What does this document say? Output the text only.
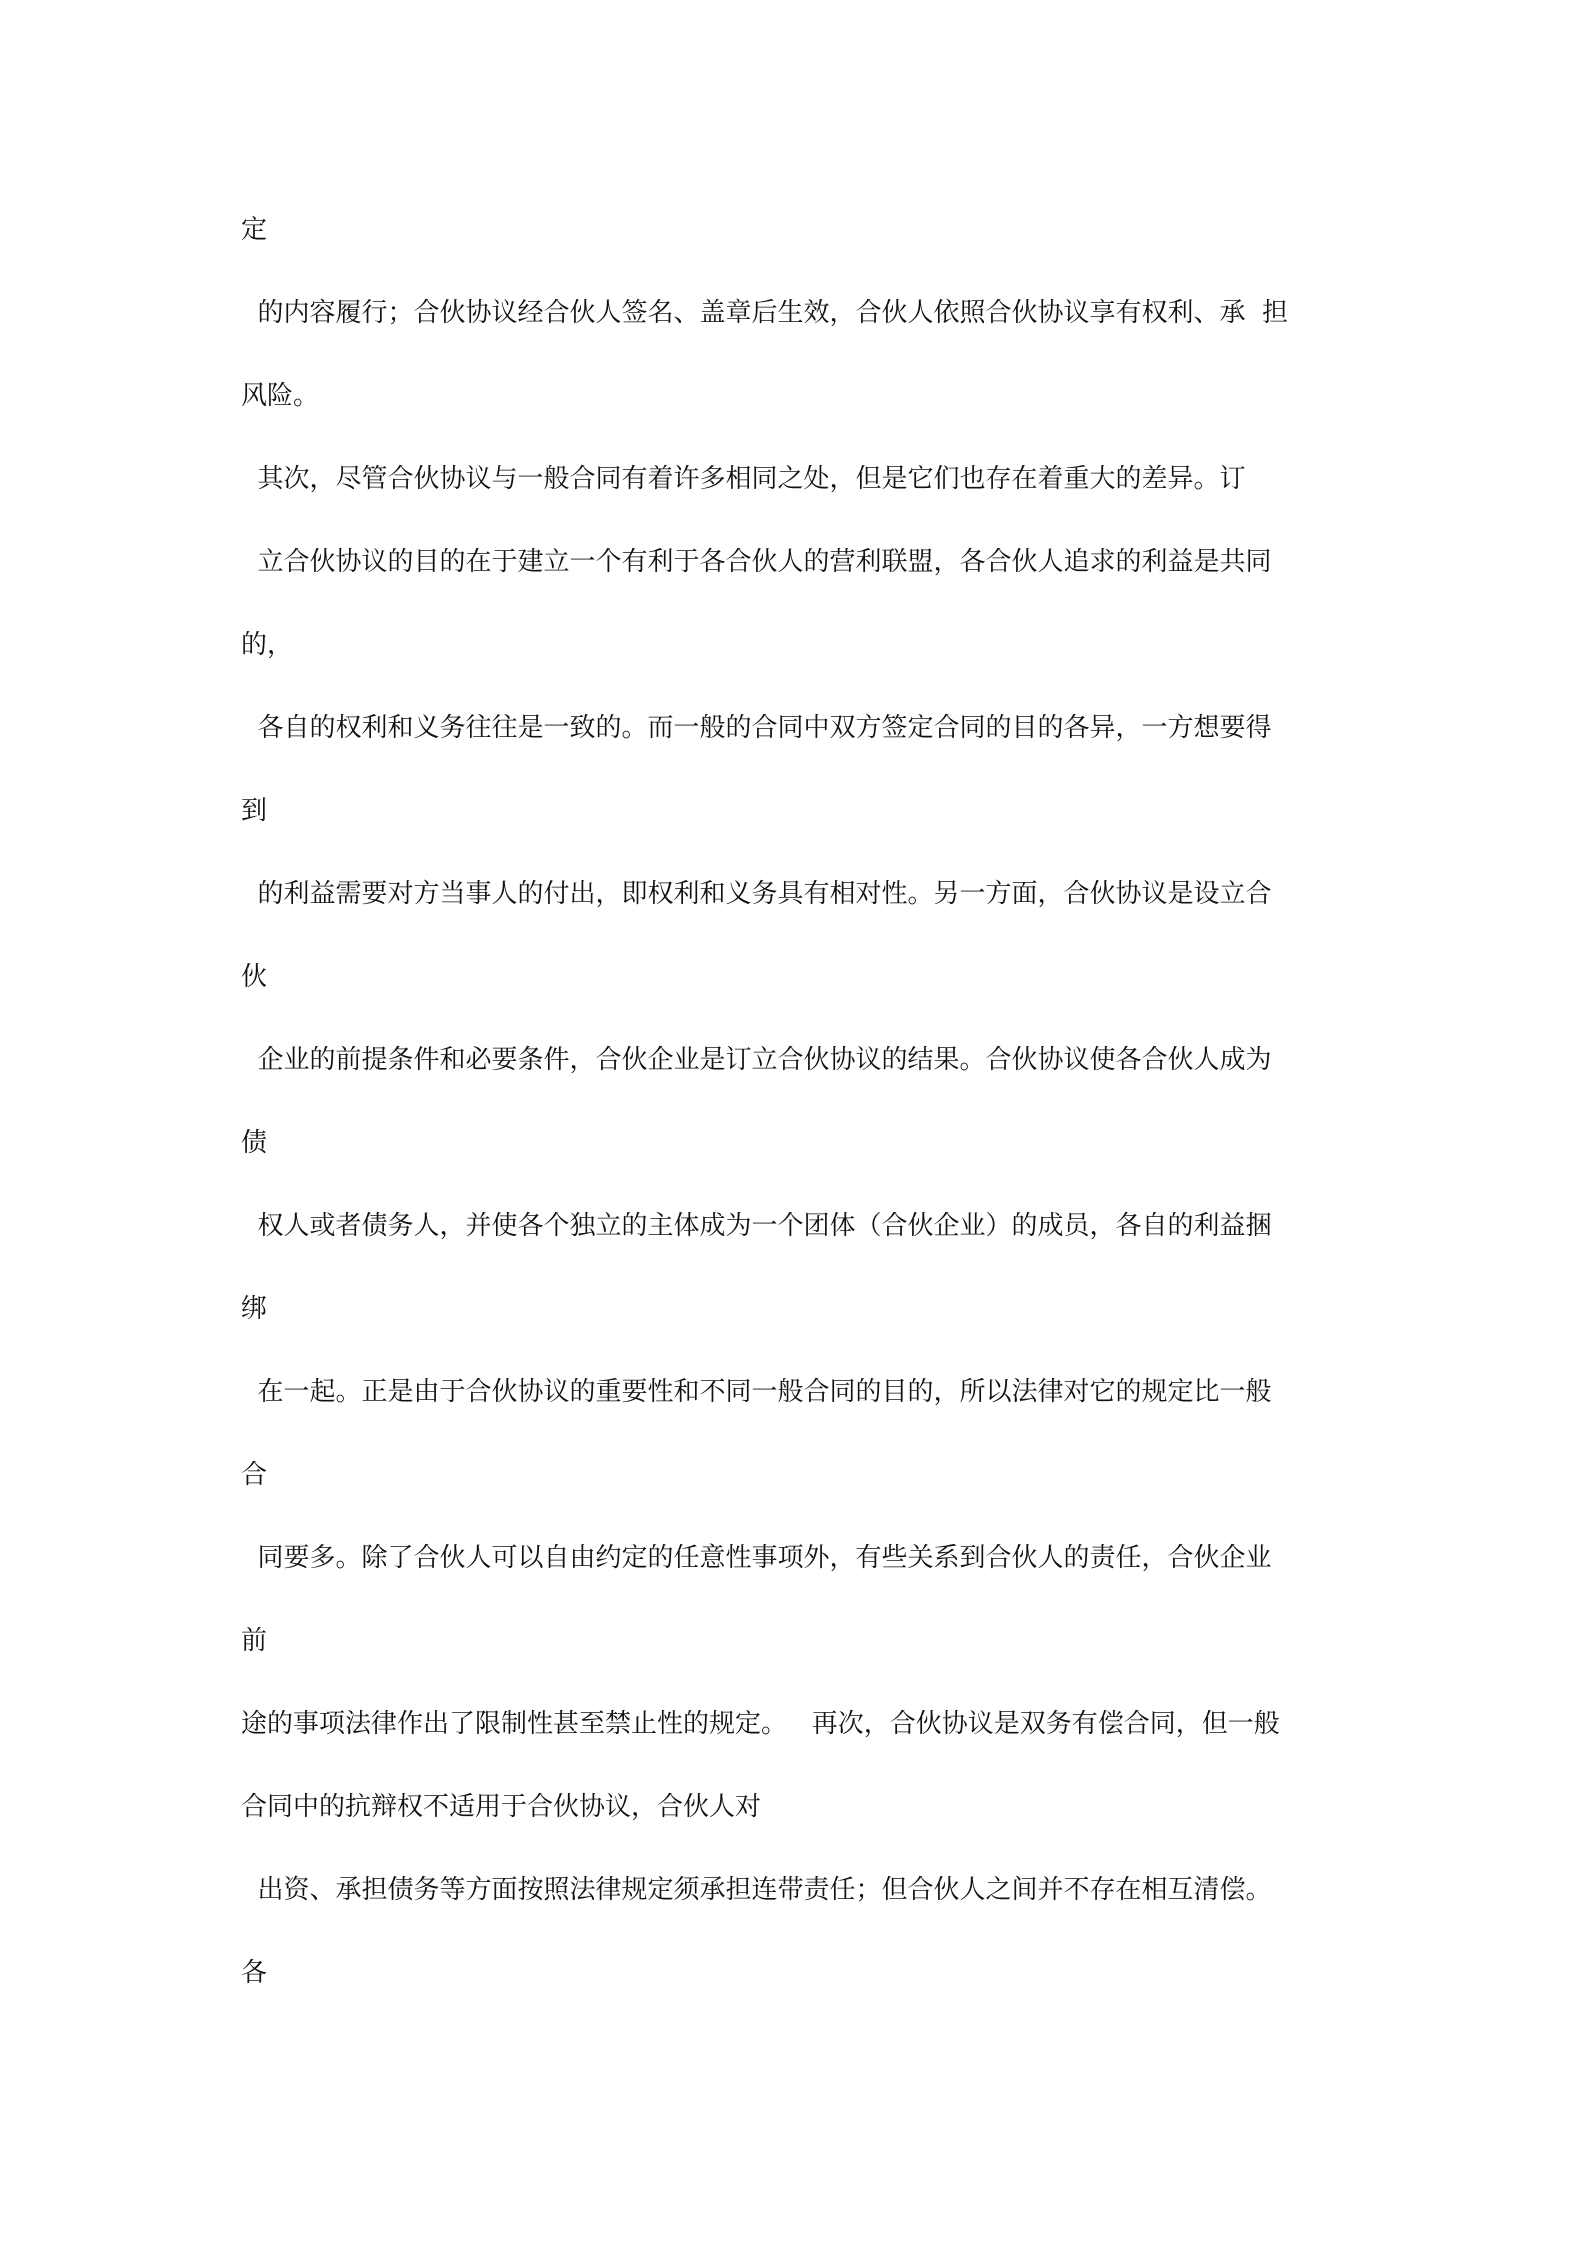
定
的内容履行；合伙协议经合伙人签名、盖章后生效，合伙人依照合伙协议享有权利、承  担
风险。
其次，尽管合伙协议与一般合同有着许多相同之处，但是它们也存在着重大的差异。订
立合伙协议的目的在于建立一个有利于各合伙人的营利联盟，各合伙人追求的利益是共同
的，
各自的权利和义务往往是一致的。而一般的合同中双方签定合同的目的各异，一方想要得
到
的利益需要对方当事人的付出，即权利和义务具有相对性。另一方面，合伙协议是设立合
伙
企业的前提条件和必要条件，合伙企业是订立合伙协议的结果。合伙协议使各合伙人成为
债
权人或者债务人，并使各个独立的主体成为一个团体（合伙企业）的成员，各自的利益捆
绑
在一起。正是由于合伙协议的重要性和不同一般合同的目的，所以法律对它的规定比一般
合
同要多。除了合伙人可以自由约定的任意性事项外，有些关系到合伙人的责任，合伙企业
前
途的事项法律作出了限制性甚至禁止性的规定。   再次，合伙协议是双务有偿合同，但一般
合同中的抗辩权不适用于合伙协议，合伙人对
出资、承担债务等方面按照法律规定须承担连带责任；但合伙人之间并不存在相互清偿。
各
